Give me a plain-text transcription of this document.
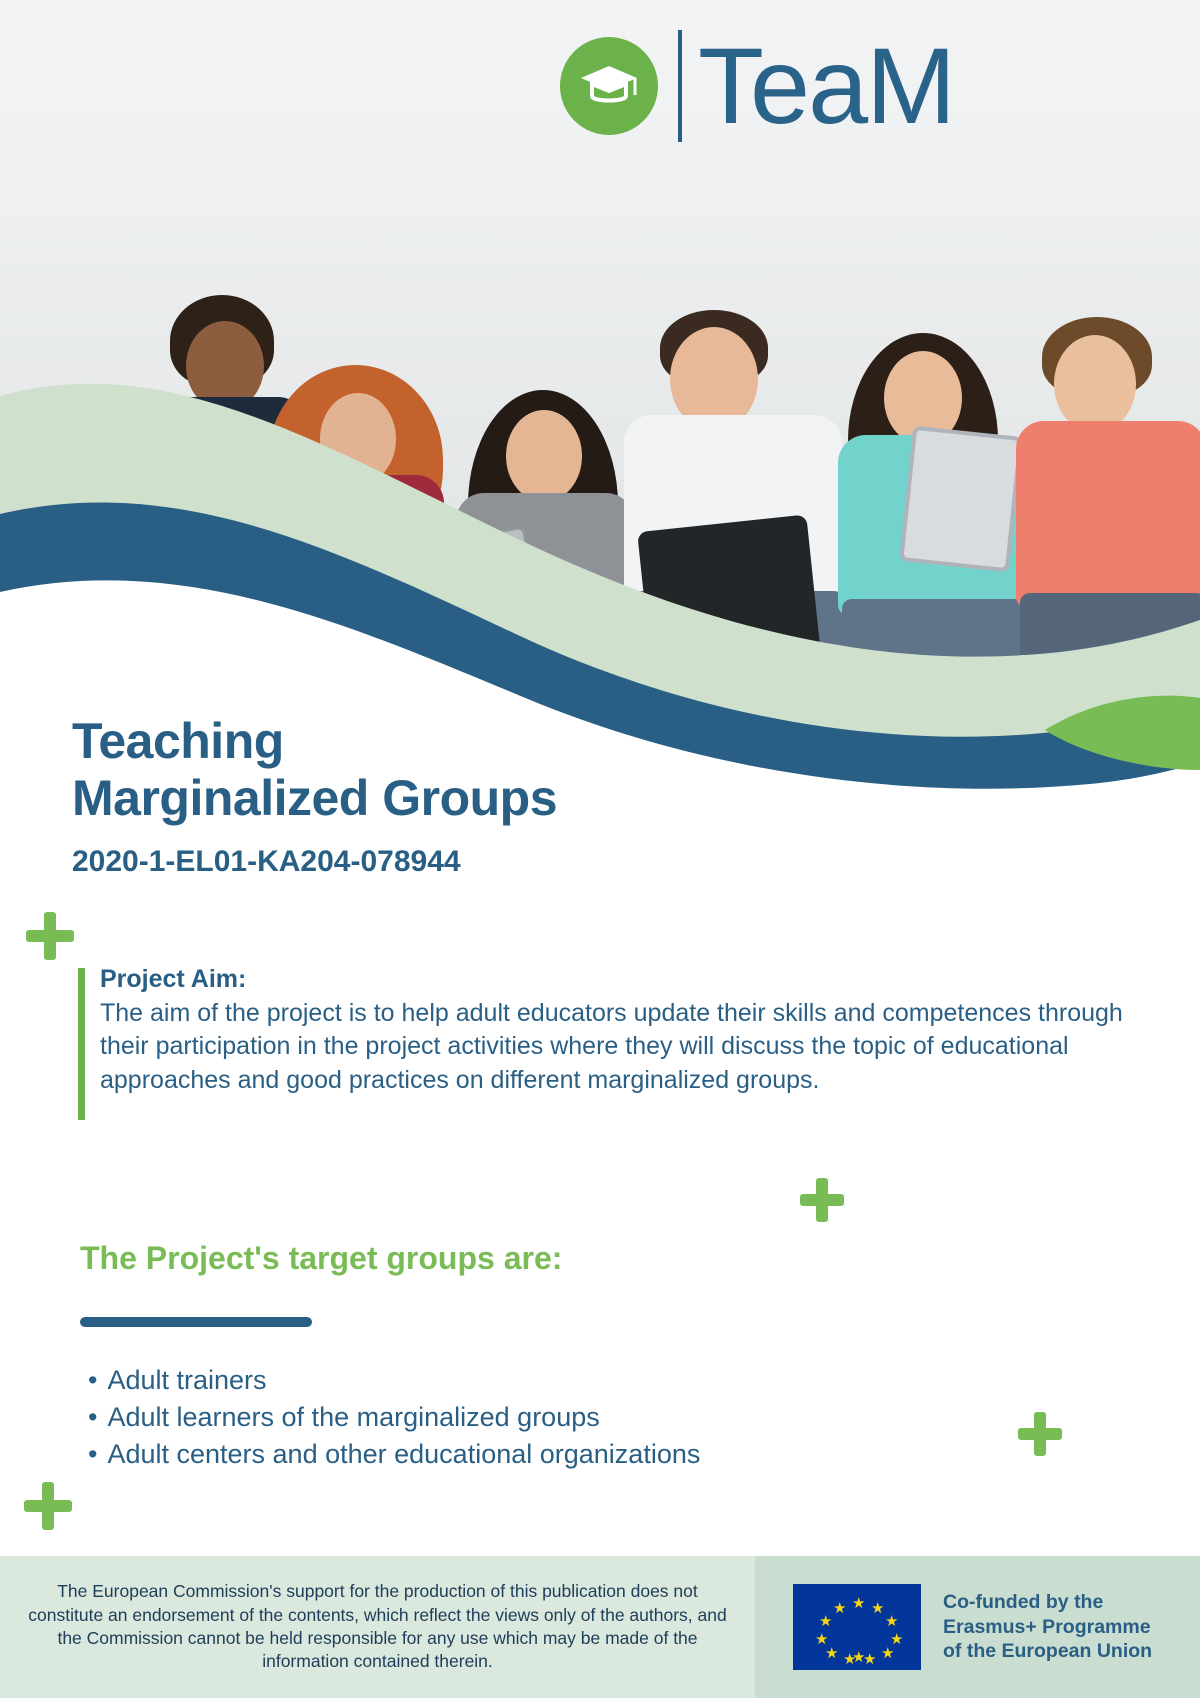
TeaM
Teaching
Marginalized Groups
2020-1-EL01-KA204-078944
Project Aim:
The aim of the project is to help adult educators update their skills and competences through their participation in the project activities where they will discuss the topic of educational approaches and good practices on different marginalized groups.
The Project's target groups are:
• Adult trainers
• Adult learners of the marginalized groups
• Adult centers and other educational organizations

The European Commission's support for the production of this publication does not constitute an endorsement of the contents, which reflect the views only of the authors, and the Commission cannot be held responsible for any use which may be made of the information contained therein.

★ ★
★
★
★
★
★
★
★
★
★
★
Co-funded by the
Erasmus+ Programme
of the European Union
